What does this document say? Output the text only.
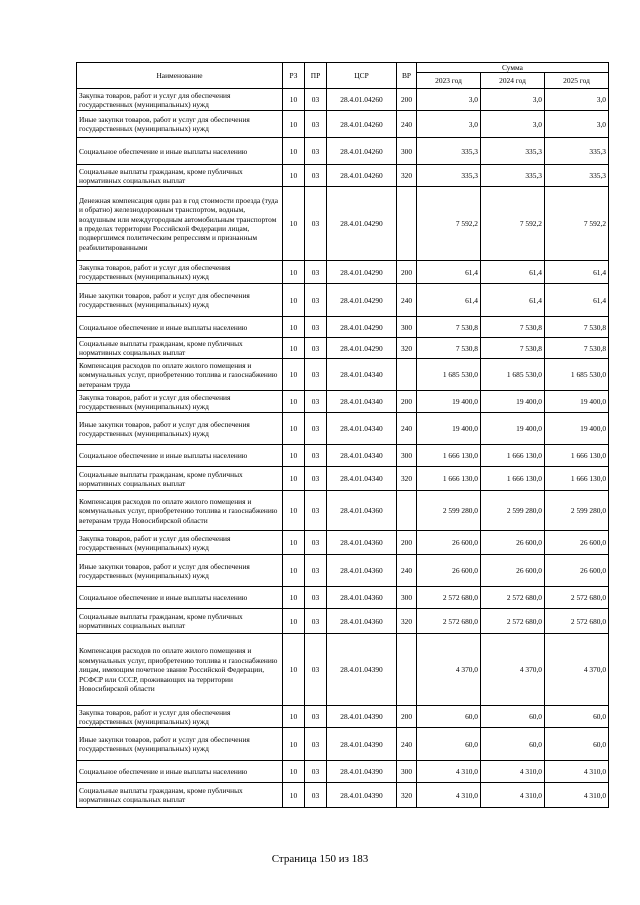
Наименование	РЗ	ПР	ЦСР	ВР	Сумма		
					2023 год	2024 год	2025 год
Закупка товаров, работ и услуг для обеспечения государственных (муниципальных) нужд	10	03	28.4.01.04260	200	3,0	3,0	3,0
Иные закупки товаров, работ и услуг для обеспечения государственных (муниципальных) нужд	10	03	28.4.01.04260	240	3,0	3,0	3,0
Социальное обеспечение и иные выплаты населению	10	03	28.4.01.04260	300	335,3	335,3	335,3
Социальные выплаты гражданам, кроме публичных нормативных социальных выплат	10	03	28.4.01.04260	320	335,3	335,3	335,3
Денежная компенсация один раз в год стоимости проезда (туда и обратно) железнодорожным транспортом, водным, воздушным или междугородным автомобильным транспортом в пределах территории Российской Федерации лицам, подвергшимся политическим репрессиям и признанным реабилитированными	10	03	28.4.01.04290		7 592,2	7 592,2	7 592,2
Закупка товаров, работ и услуг для обеспечения государственных (муниципальных) нужд	10	03	28.4.01.04290	200	61,4	61,4	61,4
Иные закупки товаров, работ и услуг для обеспечения государственных (муниципальных) нужд	10	03	28.4.01.04290	240	61,4	61,4	61,4
Социальное обеспечение и иные выплаты населению	10	03	28.4.01.04290	300	7 530,8	7 530,8	7 530,8
Социальные выплаты гражданам, кроме публичных нормативных социальных выплат	10	03	28.4.01.04290	320	7 530,8	7 530,8	7 530,8
Компенсация расходов по оплате жилого помещения и коммунальных услуг, приобретению топлива и газоснабжению ветеранам труда	10	03	28.4.01.04340		1 685 530,0	1 685 530,0	1 685 530,0
Закупка товаров, работ и услуг для обеспечения государственных (муниципальных) нужд	10	03	28.4.01.04340	200	19 400,0	19 400,0	19 400,0
Иные закупки товаров, работ и услуг для обеспечения государственных (муниципальных) нужд	10	03	28.4.01.04340	240	19 400,0	19 400,0	19 400,0
Социальное обеспечение и иные выплаты населению	10	03	28.4.01.04340	300	1 666 130,0	1 666 130,0	1 666 130,0
Социальные выплаты гражданам, кроме публичных нормативных социальных выплат	10	03	28.4.01.04340	320	1 666 130,0	1 666 130,0	1 666 130,0
Компенсация расходов по оплате жилого помещения и коммунальных услуг, приобретению топлива и газоснабжению ветеранам труда Новосибирской области	10	03	28.4.01.04360		2 599 280,0	2 599 280,0	2 599 280,0
Закупка товаров, работ и услуг для обеспечения государственных (муниципальных) нужд	10	03	28.4.01.04360	200	26 600,0	26 600,0	26 600,0
Иные закупки товаров, работ и услуг для обеспечения государственных (муниципальных) нужд	10	03	28.4.01.04360	240	26 600,0	26 600,0	26 600,0
Социальное обеспечение и иные выплаты населению	10	03	28.4.01.04360	300	2 572 680,0	2 572 680,0	2 572 680,0
Социальные выплаты гражданам, кроме публичных нормативных социальных выплат	10	03	28.4.01.04360	320	2 572 680,0	2 572 680,0	2 572 680,0
Компенсация расходов по оплате жилого помещения и коммунальных услуг, приобретению топлива и газоснабжению лицам, имеющим почетное звание Российской Федерации, РСФСР или СССР, проживающих на территории Новосибирской области	10	03	28.4.01.04390		4 370,0	4 370,0	4 370,0
Закупка товаров, работ и услуг для обеспечения государственных (муниципальных) нужд	10	03	28.4.01.04390	200	60,0	60,0	60,0
Иные закупки товаров, работ и услуг для обеспечения государственных (муниципальных) нужд	10	03	28.4.01.04390	240	60,0	60,0	60,0
Социальное обеспечение и иные выплаты населению	10	03	28.4.01.04390	300	4 310,0	4 310,0	4 310,0
Социальные выплаты гражданам, кроме публичных нормативных социальных выплат	10	03	28.4.01.04390	320	4 310,0	4 310,0	4 310,0
Страница 150 из 183
